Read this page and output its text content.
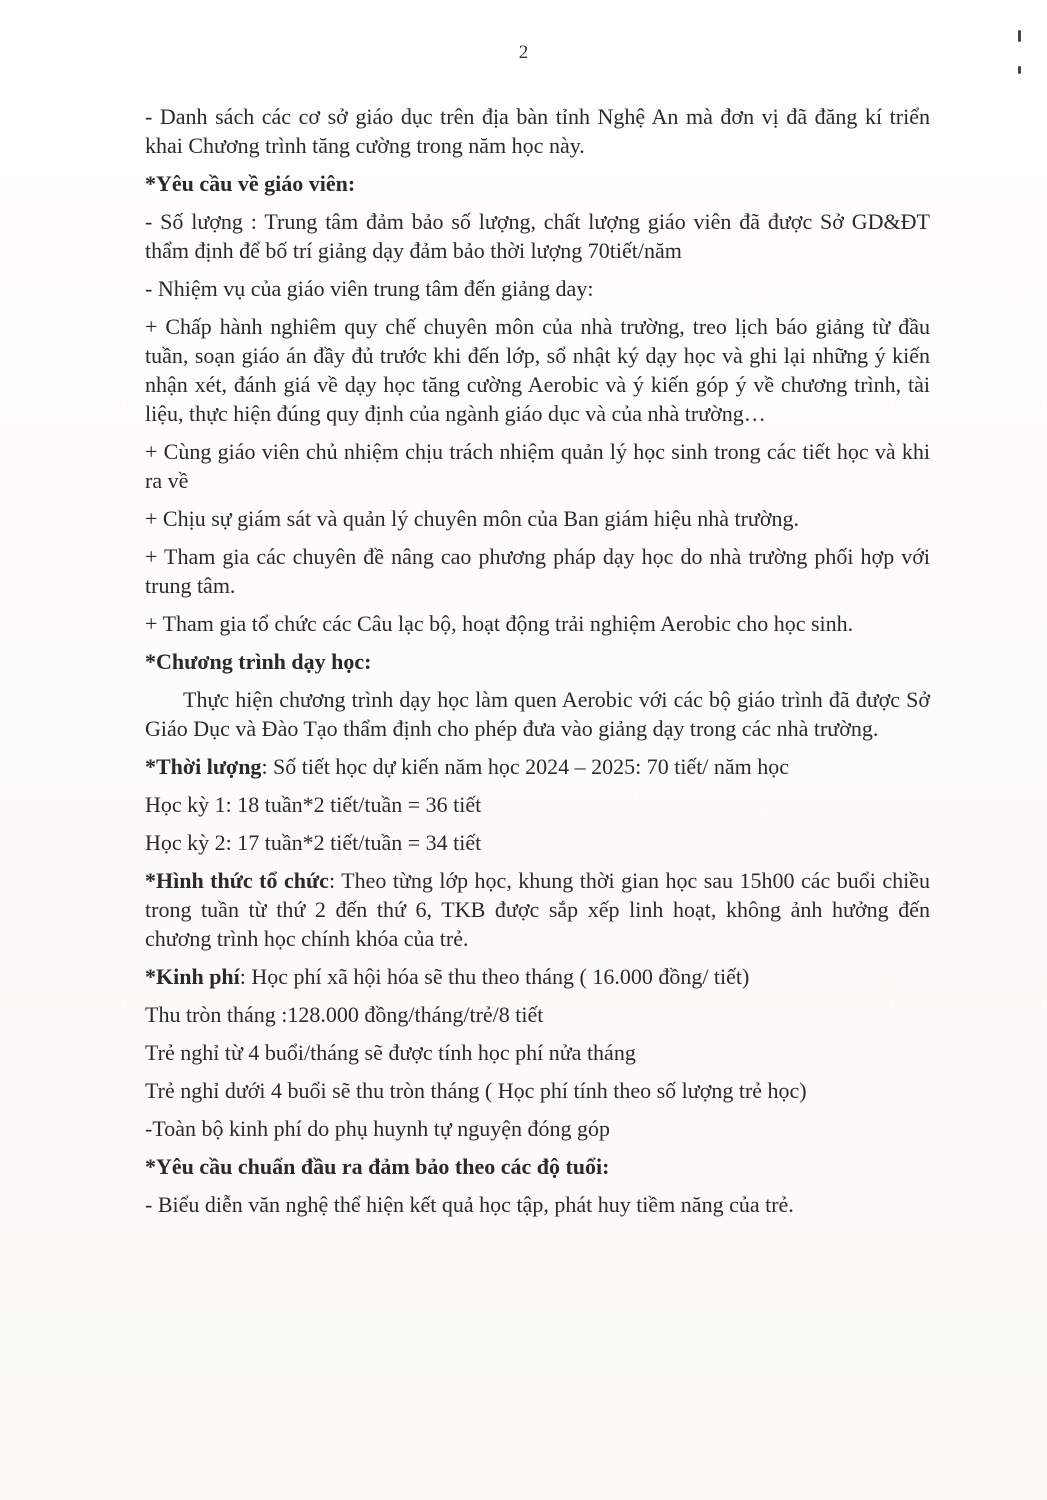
2

- Danh sách các cơ sở giáo dục trên địa bàn tỉnh Nghệ An mà đơn vị đã đăng kí triển khai Chương trình tăng cường trong năm học này.

*Yêu cầu về giáo viên:

- Số lượng : Trung tâm đảm bảo số lượng, chất lượng giáo viên đã được Sở GD&ĐT thẩm định để bố trí giảng dạy đảm bảo thời lượng 70tiết/năm

- Nhiệm vụ của giáo viên trung tâm đến giảng day:

+ Chấp hành nghiêm quy chế chuyên môn của nhà trường, treo lịch báo giảng từ đầu tuần, soạn giáo án đầy đủ trước khi đến lớp, sổ nhật ký dạy học và ghi lại những ý kiến nhận xét, đánh giá về dạy học tăng cường Aerobic và ý kiến góp ý về chương trình, tài liệu, thực hiện đúng quy định của ngành giáo dục và của nhà trường…

+ Cùng giáo viên chủ nhiệm chịu trách nhiệm quản lý học sinh trong các tiết học và khi ra về

+ Chịu sự giám sát và quản lý chuyên môn của Ban giám hiệu nhà trường.

+ Tham gia các chuyên đề nâng cao phương pháp dạy học do nhà trường phối hợp với trung tâm.

+ Tham gia tổ chức các Câu lạc bộ, hoạt động trải nghiệm Aerobic cho học sinh.

*Chương trình dạy học:

Thực hiện chương trình dạy học làm quen Aerobic với các bộ giáo trình đã được Sở Giáo Dục và Đào Tạo thẩm định cho phép đưa vào giảng dạy trong các nhà trường.

*Thời lượng: Số tiết học dự kiến năm học 2024 – 2025: 70 tiết/ năm học

Học kỳ 1: 18 tuần*2 tiết/tuần = 36 tiết

Học kỳ 2: 17 tuần*2 tiết/tuần = 34 tiết

*Hình thức tổ chức: Theo từng lớp học, khung thời gian học sau 15h00 các buổi chiều trong tuần từ thứ 2 đến thứ 6, TKB được sắp xếp linh hoạt, không ảnh hưởng đến chương trình học chính khóa của trẻ.

*Kinh phí: Học phí xã hội hóa sẽ thu theo tháng ( 16.000 đồng/ tiết)

Thu tròn tháng :128.000 đồng/tháng/trẻ/8 tiết

Trẻ nghỉ từ 4 buổi/tháng sẽ được tính học phí nửa tháng

Trẻ nghỉ dưới 4 buổi sẽ thu tròn tháng ( Học phí tính theo số lượng trẻ học)

-Toàn bộ kinh phí do phụ huynh tự nguyện đóng góp

*Yêu cầu chuẩn đầu ra đảm bảo theo các độ tuổi:

- Biểu diễn văn nghệ thể hiện kết quả học tập, phát huy tiềm năng của trẻ.
